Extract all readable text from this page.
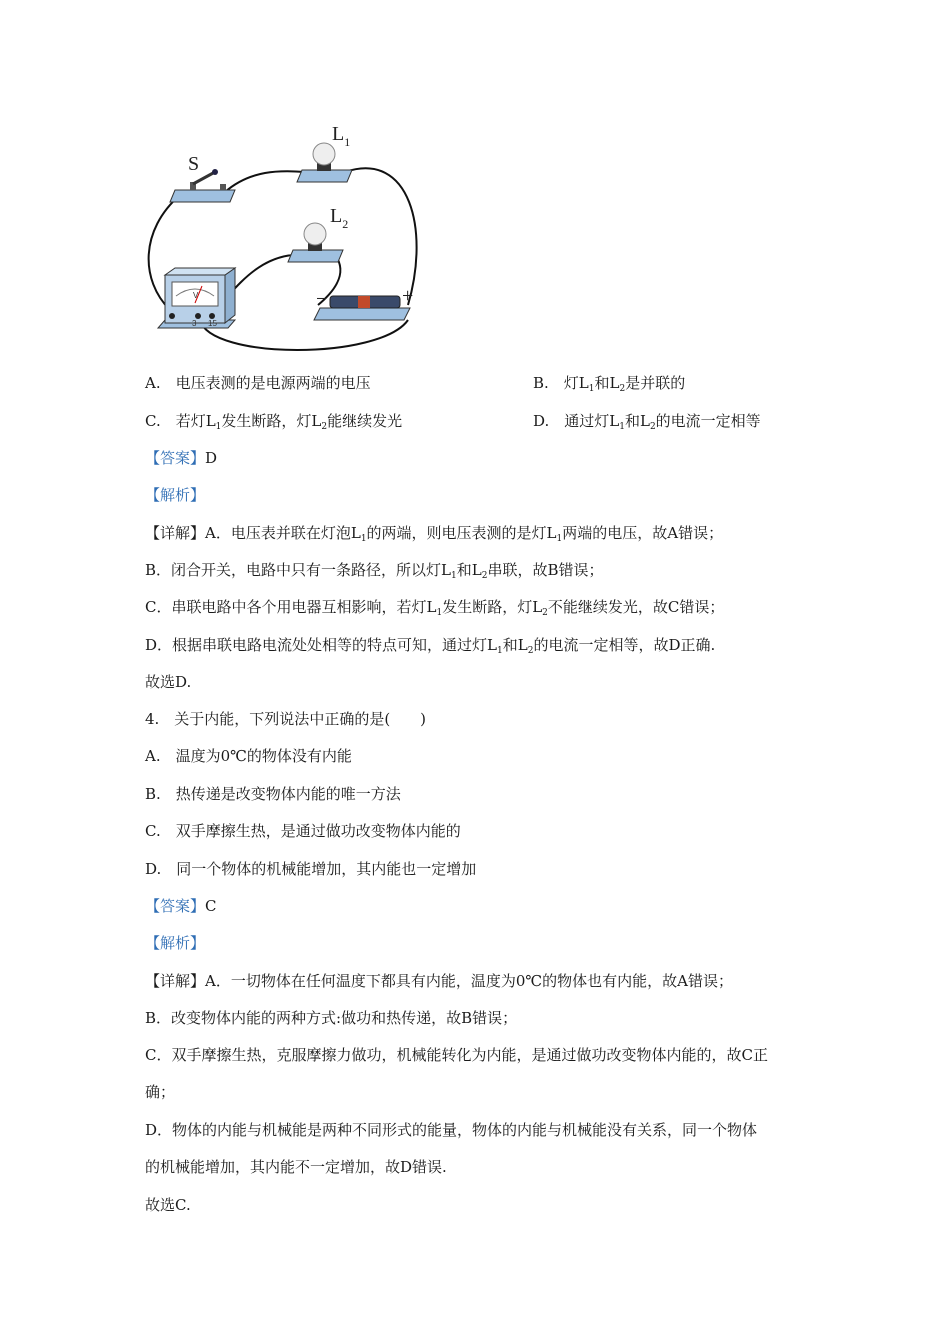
S
$L_1$
$L_2$
V
3 15
−	+
A.　电压表测的是电源两端的电压	B.　灯$L_1$和$L_2$是并联的
C.　若灯$L_1$发生断路，灯$L_2$能继续发光	D.　通过灯$L_1$和$L_2$的电流一定相等
【答案】D
【解析】
【详解】A．电压表并联在灯泡$L_1$的两端，则电压表测的是灯$L_1$两端的电压，故A错误；
B．闭合开关，电路中只有一条路径，所以灯$L_1$和$L_2$串联，故B错误；
C．串联电路中各个用电器互相影响，若灯$L_1$发生断路，灯$L_2$不能继续发光，故C错误；
D．根据串联电路电流处处相等的特点可知，通过灯$L_1$和$L_2$的电流一定相等，故D正确.
故选D.
4.　关于内能，下列说法中正确的是(　　)
A.　温度为0℃的物体没有内能
B.　热传递是改变物体内能的唯一方法
C.　双手摩擦生热，是通过做功改变物体内能的
D.　同一个物体的机械能增加，其内能也一定增加
【答案】C
【解析】
【详解】A．一切物体在任何温度下都具有内能，温度为0℃的物体也有内能，故A错误；
B．改变物体内能的两种方式:做功和热传递，故B错误；
C．双手摩擦生热，克服摩擦力做功，机械能转化为内能，是通过做功改变物体内能的，故C正
确；
D．物体的内能与机械能是两种不同形式的能量，物体的内能与机械能没有关系，同一个物体
的机械能增加，其内能不一定增加，故D错误.
故选C.
